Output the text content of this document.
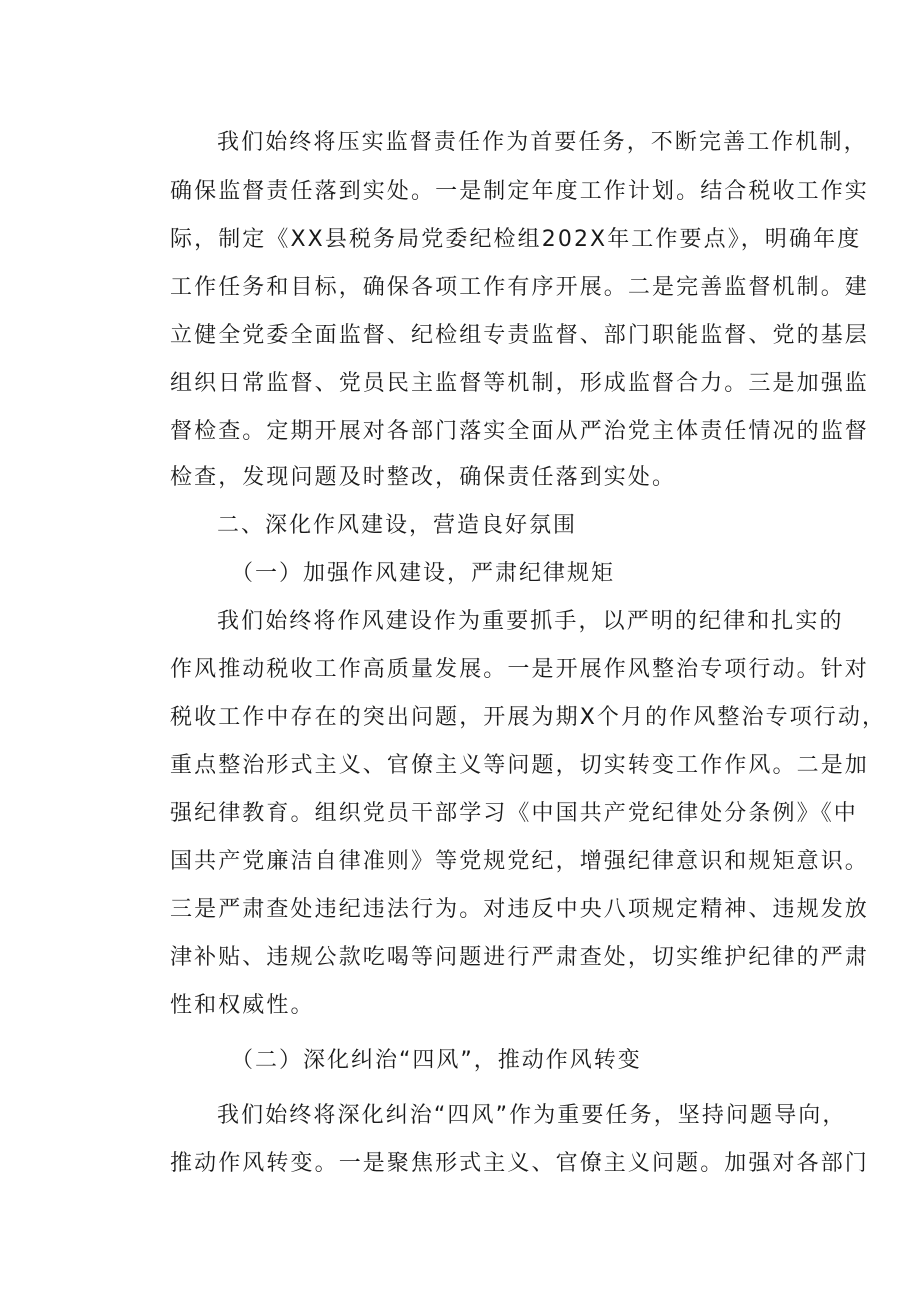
我们始终将压实监督责任作为首要任务，不断完善工作机制，
确保监督责任落到实处。一是制定年度工作计划。结合税收工作实
际，制定《XX县税务局党委纪检组202X年工作要点》，明确年度
工作任务和目标，确保各项工作有序开展。二是完善监督机制。建
立健全党委全面监督、纪检组专责监督、部门职能监督、党的基层
组织日常监督、党员民主监督等机制，形成监督合力。三是加强监
督检查。定期开展对各部门落实全面从严治党主体责任情况的监督
检查，发现问题及时整改，确保责任落到实处。
二、深化作风建设，营造良好氛围
（一）加强作风建设，严肃纪律规矩
我们始终将作风建设作为重要抓手，以严明的纪律和扎实的
作风推动税收工作高质量发展。一是开展作风整治专项行动。针对
税收工作中存在的突出问题，开展为期X个月的作风整治专项行动，
重点整治形式主义、官僚主义等问题，切实转变工作作风。二是加
强纪律教育。组织党员干部学习《中国共产党纪律处分条例》《中
国共产党廉洁自律准则》等党规党纪，增强纪律意识和规矩意识。
三是严肃查处违纪违法行为。对违反中央八项规定精神、违规发放
津补贴、违规公款吃喝等问题进行严肃查处，切实维护纪律的严肃
性和权威性。
（二）深化纠治“四风”，推动作风转变
我们始终将深化纠治“四风”作为重要任务，坚持问题导向，
推动作风转变。一是聚焦形式主义、官僚主义问题。加强对各部门
